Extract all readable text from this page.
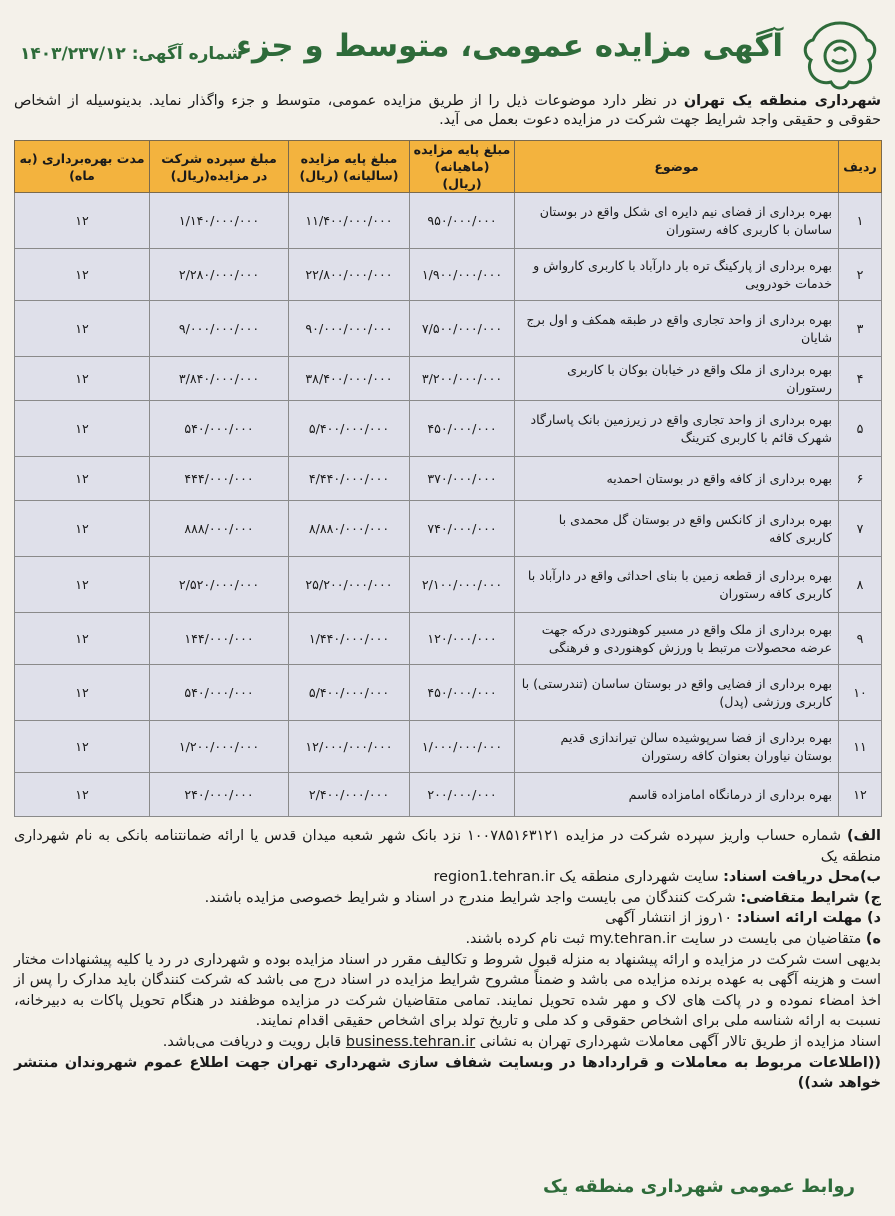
آگهی مزایده عمومی، متوسط و جزء
شماره آگهی: ۱۴۰۳/۲۳۷/۱۲
شهرداری منطقه یک تهران در نظر دارد موضوعات ذیل را از طریق مزایده عمومی، متوسط و جزء واگذار نماید. بدینوسیله از اشخاص حقوقی و حقیقی واجد شرایط جهت شرکت در مزایده دعوت بعمل می آید.
ردیف	موضوع	مبلغ پایه مزایده (ماهیانه) (ریال)	مبلغ پایه مزایده (سالیانه) (ریال)	مبلغ سپرده شرکت در مزایده(ریال)	مدت بهره‌برداری (به ماه)
۱	بهره برداری از فضای نیم دایره ای شکل واقع در بوستان ساسان با کاربری کافه رستوران	۹۵۰/۰۰۰/۰۰۰	۱۱/۴۰۰/۰۰۰/۰۰۰	۱/۱۴۰/۰۰۰/۰۰۰	۱۲
۲	بهره برداری از پارکینگ تره بار دارآباد با کاربری کارواش و خدمات خودرویی	۱/۹۰۰/۰۰۰/۰۰۰	۲۲/۸۰۰/۰۰۰/۰۰۰	۲/۲۸۰/۰۰۰/۰۰۰	۱۲
۳	بهره برداری از واحد تجاری واقع در طبقه همکف و اول برج شایان	۷/۵۰۰/۰۰۰/۰۰۰	۹۰/۰۰۰/۰۰۰/۰۰۰	۹/۰۰۰/۰۰۰/۰۰۰	۱۲
۴	بهره برداری از ملک واقع در خیابان بوکان با کاربری رستوران	۳/۲۰۰/۰۰۰/۰۰۰	۳۸/۴۰۰/۰۰۰/۰۰۰	۳/۸۴۰/۰۰۰/۰۰۰	۱۲
۵	بهره برداری از واحد تجاری واقع در زیرزمین بانک پاسارگاد شهرک قائم با کاربری کترینگ	۴۵۰/۰۰۰/۰۰۰	۵/۴۰۰/۰۰۰/۰۰۰	۵۴۰/۰۰۰/۰۰۰	۱۲
۶	بهره برداری از کافه واقع در بوستان احمدیه	۳۷۰/۰۰۰/۰۰۰	۴/۴۴۰/۰۰۰/۰۰۰	۴۴۴/۰۰۰/۰۰۰	۱۲
۷	بهره برداری از کانکس واقع در بوستان گل محمدی با کاربری کافه	۷۴۰/۰۰۰/۰۰۰	۸/۸۸۰/۰۰۰/۰۰۰	۸۸۸/۰۰۰/۰۰۰	۱۲
۸	بهره برداری از قطعه زمین با بنای احداثی واقع در دارآباد با کاربری کافه رستوران	۲/۱۰۰/۰۰۰/۰۰۰	۲۵/۲۰۰/۰۰۰/۰۰۰	۲/۵۲۰/۰۰۰/۰۰۰	۱۲
۹	بهره برداری از ملک واقع در مسیر کوهنوردی درکه جهت عرضه محصولات مرتبط با ورزش کوهنوردی و فرهنگی	۱۲۰/۰۰۰/۰۰۰	۱/۴۴۰/۰۰۰/۰۰۰	۱۴۴/۰۰۰/۰۰۰	۱۲
۱۰	بهره برداری از فضایی واقع در بوستان ساسان (تندرستی) با کاربری ورزشی (پدل)	۴۵۰/۰۰۰/۰۰۰	۵/۴۰۰/۰۰۰/۰۰۰	۵۴۰/۰۰۰/۰۰۰	۱۲
۱۱	بهره برداری از فضا سرپوشیده سالن تیراندازی قدیم بوستان نیاوران بعنوان کافه رستوران	۱/۰۰۰/۰۰۰/۰۰۰	۱۲/۰۰۰/۰۰۰/۰۰۰	۱/۲۰۰/۰۰۰/۰۰۰	۱۲
۱۲	بهره برداری از درمانگاه امامزاده قاسم	۲۰۰/۰۰۰/۰۰۰	۲/۴۰۰/۰۰۰/۰۰۰	۲۴۰/۰۰۰/۰۰۰	۱۲

الف) شماره حساب واریز سپرده شرکت در مزایده ۱۰۰۷۸۵۱۶۳۱۲۱ نزد بانک شهر شعبه میدان قدس یا ارائه ضمانتنامه بانکی به نام شهرداری منطقه یک

ب)محل دریافت اسناد: سایت شهرداری منطقه یک region1.tehran.ir

ج) شرایط متقاضی: شرکت کنندگان می بایست واجد شرایط مندرج در اسناد و شرایط خصوصی مزایده باشند.

د) مهلت ارائه اسناد: ۱۰روز از انتشار آگهی

ه) متقاضیان می بایست در سایت my.tehran.ir ثبت نام کرده باشند.

بدیهی است شرکت در مزایده و ارائه پیشنهاد به منزله قبول شروط و تکالیف مقرر در اسناد مزایده بوده و شهرداری در رد یا کلیه پیشنهادات مختار است و هزینه آگهی به عهده برنده مزایده می باشد و ضمناً مشروح شرایط مزایده در اسناد درج می باشد که شرکت کنندگان باید مدارک را پس از اخذ امضاء نموده و در پاکت های لاک و مهر شده تحویل نمایند. تمامی متقاضیان شرکت در مزایده موظفند در هنگام تحویل پاکات به دبیرخانه، نسبت به ارائه شناسه ملی برای اشخاص حقوقی و کد ملی و تاریخ تولد برای اشخاص حقیقی اقدام نمایند.

اسناد مزایده از طریق تالار آگهی معاملات شهرداری تهران به نشانی business.tehran.ir قابل رویت و دریافت می‌باشد.

((اطلاعات مربوط به معاملات و قراردادها در وبسایت شفاف سازی شهرداری تهران جهت اطلاع عموم شهروندان منتشر خواهد شد))

روابط عمومی شهرداری منطقه یک
